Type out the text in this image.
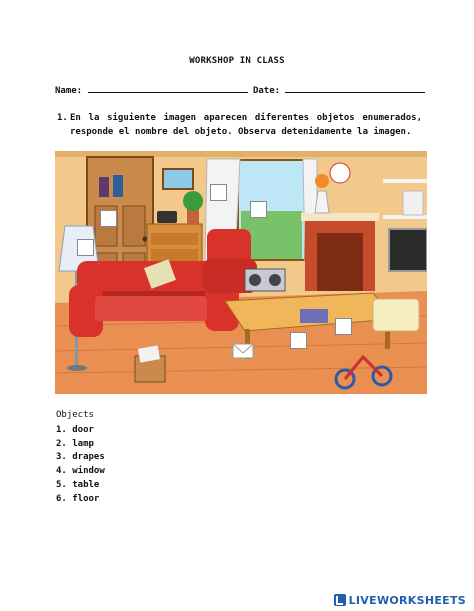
WORKSHOP IN CLASS
Name:	Date:
1. En la siguiente imagen aparecen diferentes objetos enumerados, responde el nombre del objeto. Observa detenidamente la imagen.
Objects
1. door
2. lamp
3. drapes
4. window
5. table
6. floor
LIVEWORKSHEETS
